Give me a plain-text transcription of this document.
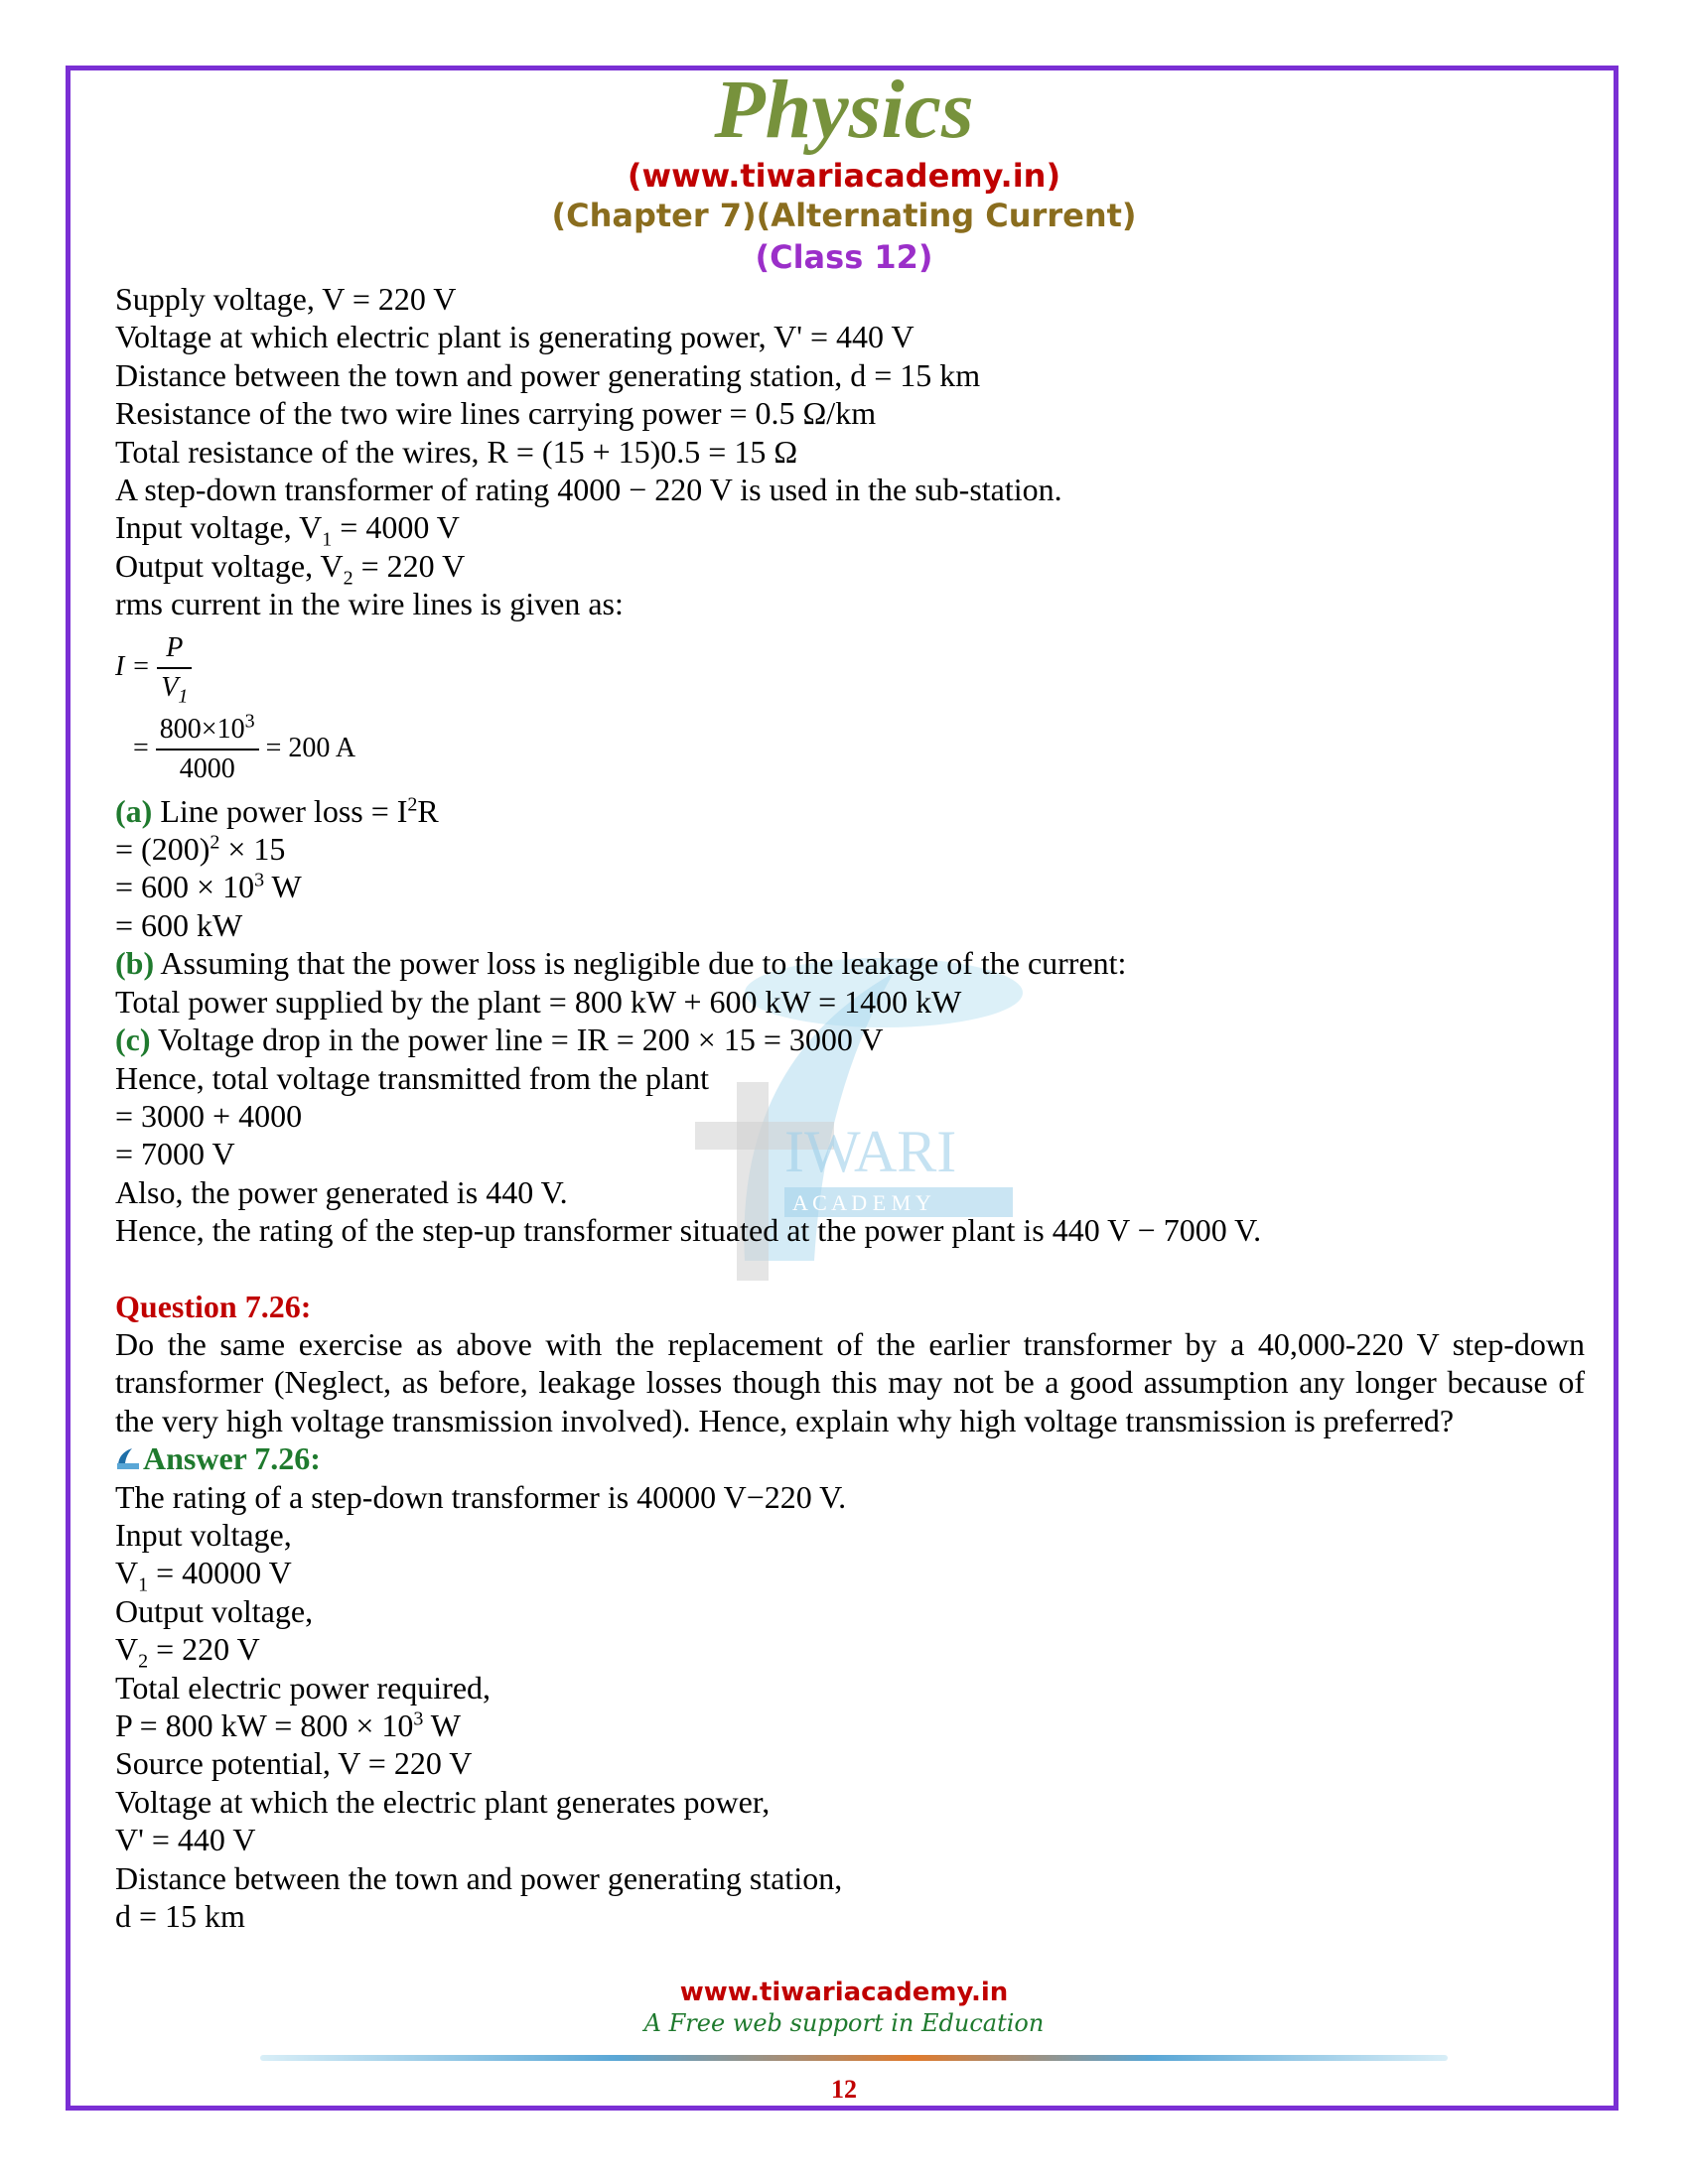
IWARI
A C A D E M Y
Physics
(www.tiwariacademy.in)
(Chapter 7)(Alternating Current)
(Class 12)
Supply voltage, V = 220 V
Voltage at which electric plant is generating power, V' = 440 V
Distance between the town and power generating station, d = 15 km
Resistance of the two wire lines carrying power = 0.5 Ω/km
Total resistance of the wires, R = (15 + 15)0.5 = 15 Ω
A step-down transformer of rating 4000 − 220 V is used in the sub-station.
Input voltage, $V_1 = 4000$ V
Output voltage, $V_2 = 220$ V
rms current in the wire lines is given as:
$I = \frac{P}{V_1}$
= $\frac{800\times 10^3}{4000} = 200$ A
(a) Line power loss = $I^2R$
= $(200)^2 \times 15$
= $600 \times 10^3$ W
= 600 kW
(b) Assuming that the power loss is negligible due to the leakage of the current:
Total power supplied by the plant = 800 kW + 600 kW = 1400 kW
(c) Voltage drop in the power line = IR = 200 × 15 = 3000 V
Hence, total voltage transmitted from the plant
= 3000 + 4000
= 7000 V
Also, the power generated is 440 V.
Hence, the rating of the step-up transformer situated at the power plant is 440 V − 7000 V.
Question 7.26:
Do the same exercise as above with the replacement of the earlier transformer by a 40,000-220 V step-down transformer (Neglect, as before, leakage losses though this may not be a good assumption any longer because of the very high voltage transmission involved). Hence, explain why high voltage transmission is preferred?
Answer 7.26:
The rating of a step-down transformer is 40000 V−220 V.
Input voltage,
$V_1 = 40000$ V
Output voltage,
$V_2 = 220$ V
Total electric power required,
P = 800 kW = $800 \times 10^3$ W
Source potential, V = 220 V
Voltage at which the electric plant generates power,
V' = 440 V
Distance between the town and power generating station,
d = 15 km
www.tiwariacademy.in
A Free web support in Education
12
